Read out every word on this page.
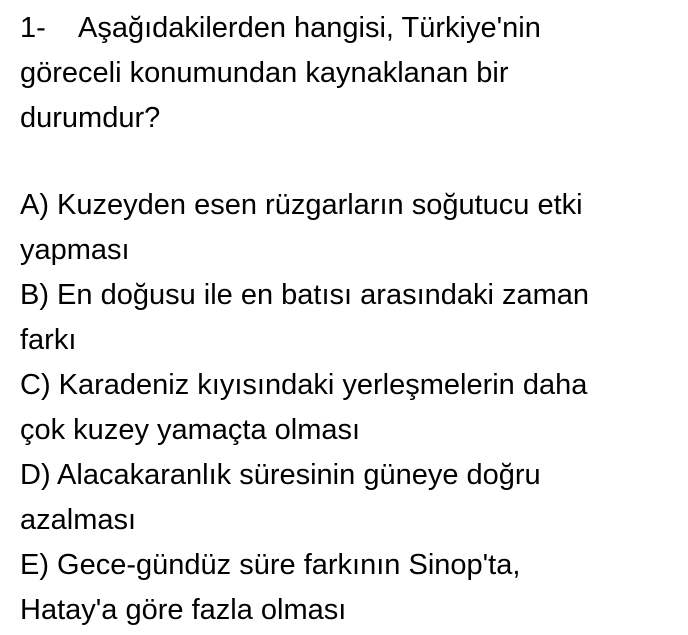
1- Aşağıdakilerden hangisi, Türkiye'nin
göreceli konumundan kaynaklanan bir
durumdur?
A) Kuzeyden esen rüzgarların soğutucu etki
yapması
B) En doğusu ile en batısı arasındaki zaman
farkı
C) Karadeniz kıyısındaki yerleşmelerin daha
çok kuzey yamaçta olması
D) Alacakaranlık süresinin güneye doğru
azalması
E) Gece-gündüz süre farkının Sinop'ta,
Hatay'a göre fazla olması
